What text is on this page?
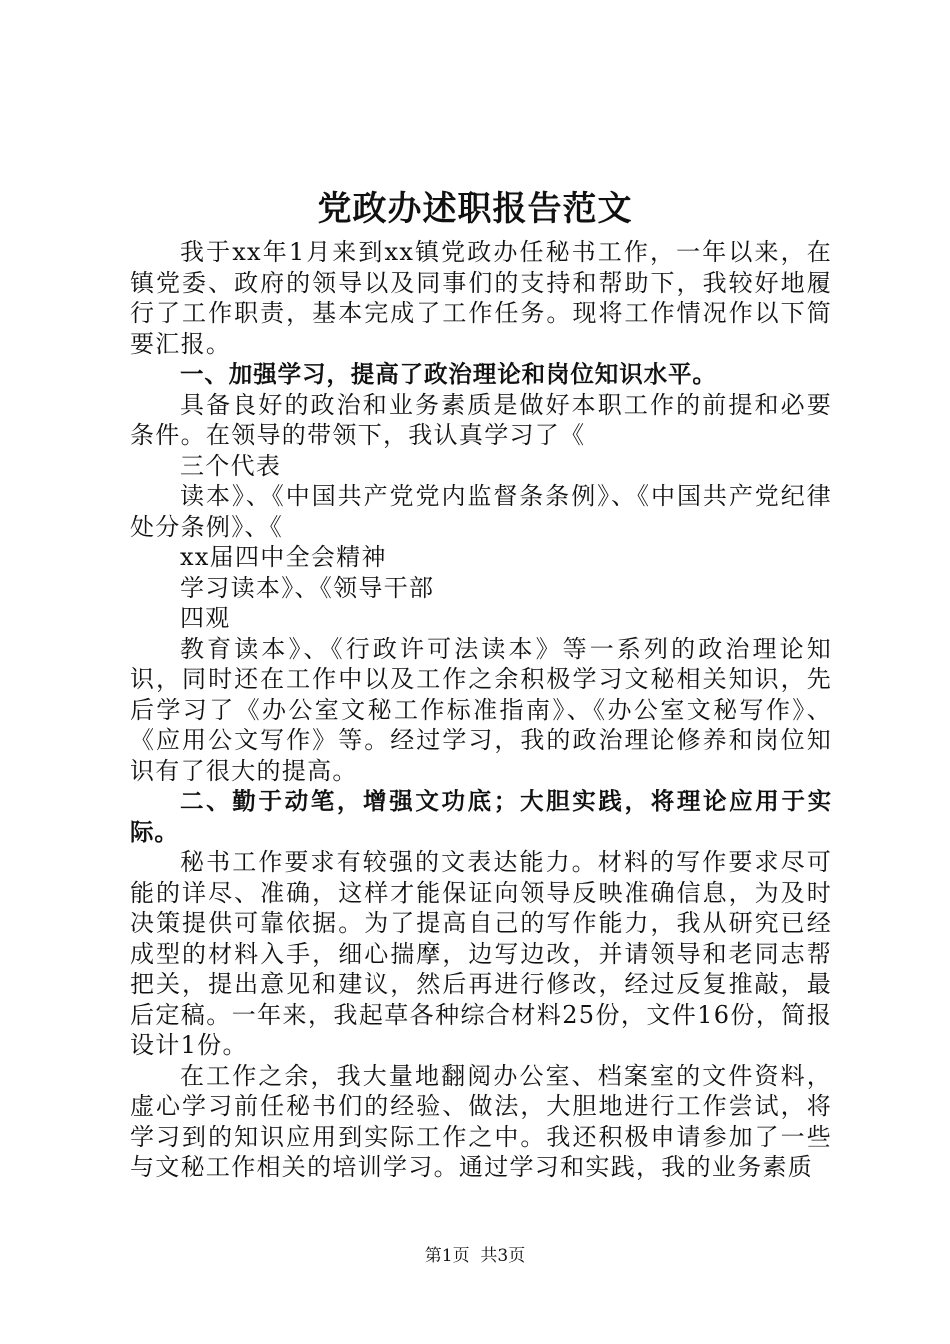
党政办述职报告范文

我于xx年1月来到xx镇党政办任秘书工作，一年以来，在镇党委、政府的领导以及同事们的支持和帮助下，我较好地履行了工作职责，基本完成了工作任务。现将工作情况作以下简要汇报。

一、加强学习，提高了政治理论和岗位知识水平。

具备良好的政治和业务素质是做好本职工作的前提和必要条件。在领导的带领下，我认真学习了《

三个代表

读本》、《中国共产党党内监督条条例》、《中国共产党纪律处分条例》、《

xx届四中全会精神

学习读本》、《领导干部

四观

教育读本》、《行政许可法读本》等一系列的政治理论知识，同时还在工作中以及工作之余积极学习文秘相关知识，先后学习了《办公室文秘工作标准指南》、《办公室文秘写作》、《应用公文写作》等。经过学习，我的政治理论修养和岗位知识有了很大的提高。

二、勤于动笔，增强文功底；大胆实践，将理论应用于实际。

秘书工作要求有较强的文表达能力。材料的写作要求尽可能的详尽、准确，这样才能保证向领导反映准确信息，为及时决策提供可靠依据。为了提高自己的写作能力，我从研究已经成型的材料入手，细心揣摩，边写边改，并请领导和老同志帮把关，提出意见和建议，然后再进行修改，经过反复推敲，最后定稿。一年来，我起草各种综合材料25份，文件16份，简报设计1份。

在工作之余，我大量地翻阅办公室、档案室的文件资料，虚心学习前任秘书们的经验、做法，大胆地进行工作尝试，将学习到的知识应用到实际工作之中。我还积极申请参加了一些与文秘工作相关的培训学习。通过学习和实践，我的业务素质

第1页 共3页
